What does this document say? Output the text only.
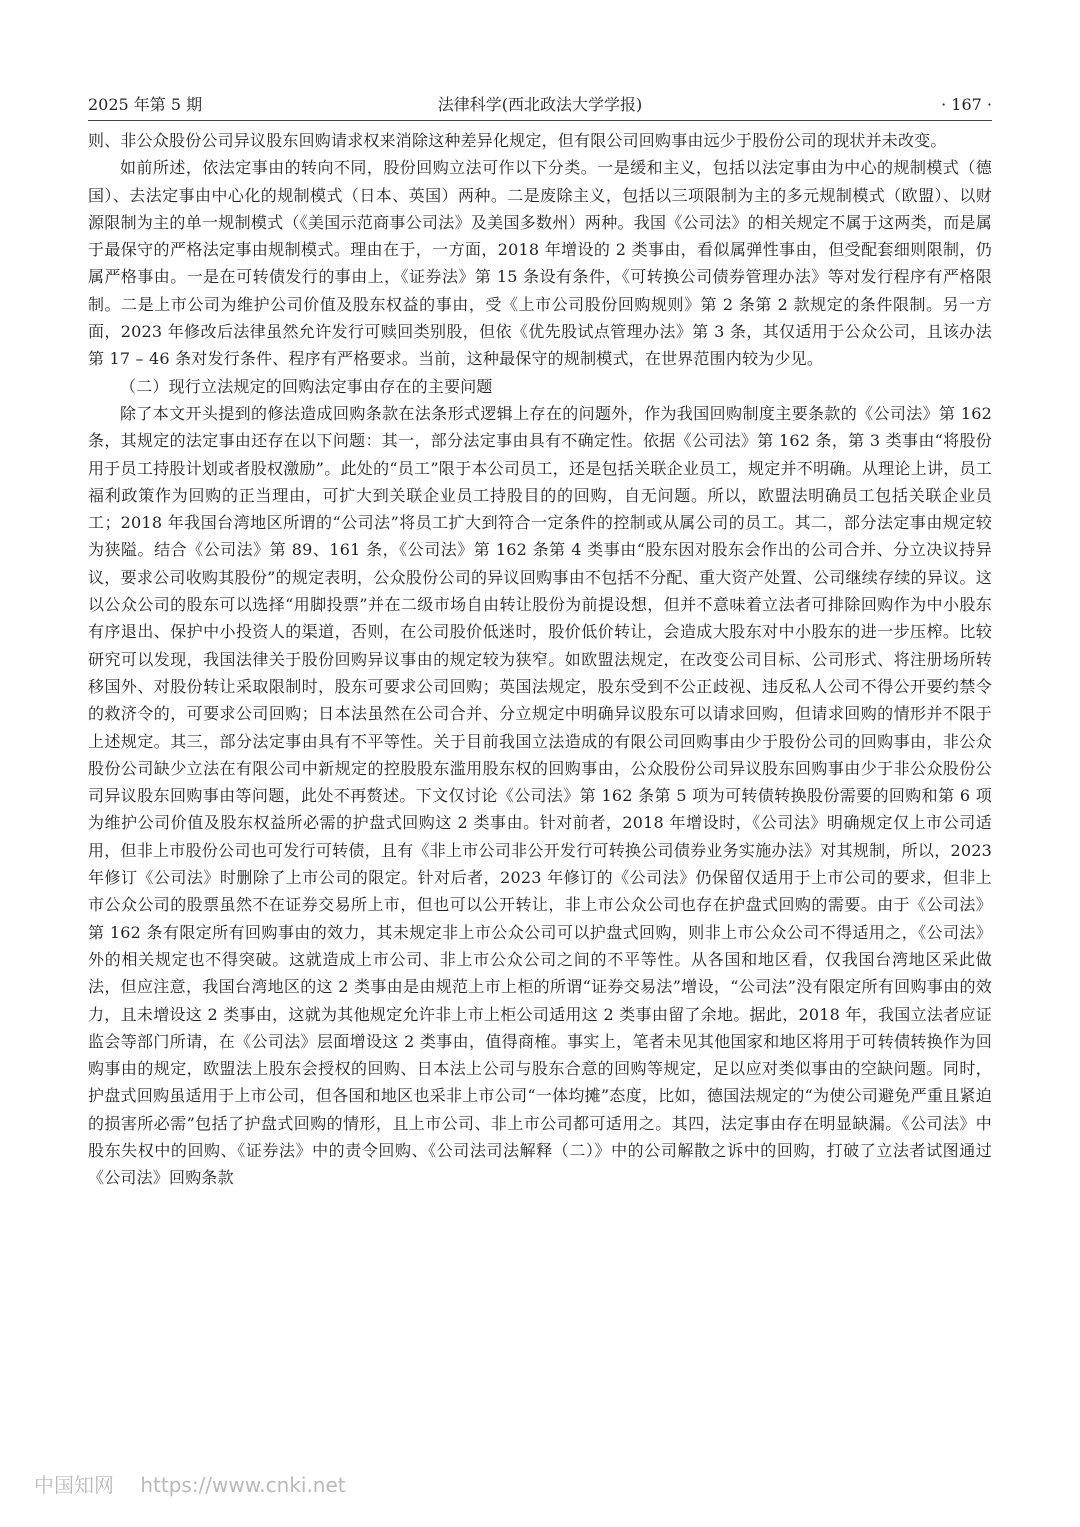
2025 年第 5 期	法律科学(西北政法大学学报)	· 167 ·

则、非公众股份公司异议股东回购请求权来消除这种差异化规定，但有限公司回购事由远少于股份公司的现状并未改变。

如前所述，依法定事由的转向不同，股份回购立法可作以下分类。一是缓和主义，包括以法定事由为中心的规制模式（德国）、去法定事由中心化的规制模式（日本、英国）两种。二是废除主义，包括以三项限制为主的多元规制模式（欧盟）、以财源限制为主的单一规制模式（《美国示范商事公司法》及美国多数州）两种。我国《公司法》的相关规定不属于这两类，而是属于最保守的严格法定事由规制模式。理由在于，一方面，2018 年增设的 2 类事由，看似属弹性事由，但受配套细则限制，仍属严格事由。一是在可转债发行的事由上，《证券法》第 15 条设有条件，《可转换公司债券管理办法》等对发行程序有严格限制。二是上市公司为维护公司价值及股东权益的事由，受《上市公司股份回购规则》第 2 条第 2 款规定的条件限制。另一方面，2023 年修改后法律虽然允许发行可赎回类别股，但依《优先股试点管理办法》第 3 条，其仅适用于公众公司，且该办法第 17 – 46 条对发行条件、程序有严格要求。当前，这种最保守的规制模式，在世界范围内较为少见。

（二）现行立法规定的回购法定事由存在的主要问题

除了本文开头提到的修法造成回购条款在法条形式逻辑上存在的问题外，作为我国回购制度主要条款的《公司法》第 162 条，其规定的法定事由还存在以下问题：其一，部分法定事由具有不确定性。依据《公司法》第 162 条，第 3 类事由“将股份用于员工持股计划或者股权激励”。此处的“员工”限于本公司员工，还是包括关联企业员工，规定并不明确。从理论上讲，员工福利政策作为回购的正当理由，可扩大到关联企业员工持股目的的回购，自无问题。所以，欧盟法明确员工包括关联企业员工；2018 年我国台湾地区所谓的“公司法”将员工扩大到符合一定条件的控制或从属公司的员工。其二，部分法定事由规定较为狭隘。结合《公司法》第 89、161 条，《公司法》第 162 条第 4 类事由“股东因对股东会作出的公司合并、分立决议持异议，要求公司收购其股份”的规定表明，公众股份公司的异议回购事由不包括不分配、重大资产处置、公司继续存续的异议。这以公众公司的股东可以选择“用脚投票”并在二级市场自由转让股份为前提设想，但并不意味着立法者可排除回购作为中小股东有序退出、保护中小投资人的渠道，否则，在公司股价低迷时，股价低价转让，会造成大股东对中小股东的进一步压榨。比较研究可以发现，我国法律关于股份回购异议事由的规定较为狭窄。如欧盟法规定，在改变公司目标、公司形式、将注册场所转移国外、对股份转让采取限制时，股东可要求公司回购；英国法规定，股东受到不公正歧视、违反私人公司不得公开要约禁令的救济令的，可要求公司回购；日本法虽然在公司合并、分立规定中明确异议股东可以请求回购，但请求回购的情形并不限于上述规定。其三，部分法定事由具有不平等性。关于目前我国立法造成的有限公司回购事由少于股份公司的回购事由，非公众股份公司缺少立法在有限公司中新规定的控股股东滥用股东权的回购事由，公众股份公司异议股东回购事由少于非公众股份公司异议股东回购事由等问题，此处不再赘述。下文仅讨论《公司法》第 162 条第 5 项为可转债转换股份需要的回购和第 6 项为维护公司价值及股东权益所必需的护盘式回购这 2 类事由。针对前者，2018 年增设时，《公司法》明确规定仅上市公司适用，但非上市股份公司也可发行可转债，且有《非上市公司非公开发行可转换公司债券业务实施办法》对其规制，所以，2023 年修订《公司法》时删除了上市公司的限定。针对后者，2023 年修订的《公司法》仍保留仅适用于上市公司的要求，但非上市公众公司的股票虽然不在证券交易所上市，但也可以公开转让，非上市公众公司也存在护盘式回购的需要。由于《公司法》第 162 条有限定所有回购事由的效力，其未规定非上市公众公司可以护盘式回购，则非上市公众公司不得适用之，《公司法》外的相关规定也不得突破。这就造成上市公司、非上市公众公司之间的不平等性。从各国和地区看，仅我国台湾地区采此做法，但应注意，我国台湾地区的这 2 类事由是由规范上市上柜的所谓“证券交易法”增设，“公司法”没有限定所有回购事由的效力，且未增设这 2 类事由，这就为其他规定允许非上市上柜公司适用这 2 类事由留了余地。据此，2018 年，我国立法者应证监会等部门所请，在《公司法》层面增设这 2 类事由，值得商榷。事实上，笔者未见其他国家和地区将用于可转债转换作为回购事由的规定，欧盟法上股东会授权的回购、日本法上公司与股东合意的回购等规定，足以应对类似事由的空缺问题。同时，护盘式回购虽适用于上市公司，但各国和地区也采非上市公司“一体均摊”态度，比如，德国法规定的“为使公司避免严重且紧迫的损害所必需”包括了护盘式回购的情形，且上市公司、非上市公司都可适用之。其四，法定事由存在明显缺漏。《公司法》中股东失权中的回购、《证券法》中的责令回购、《公司法司法解释（二）》中的公司解散之诉中的回购，打破了立法者试图通过《公司法》回购条款

中国知网 https://www.cnki.net
